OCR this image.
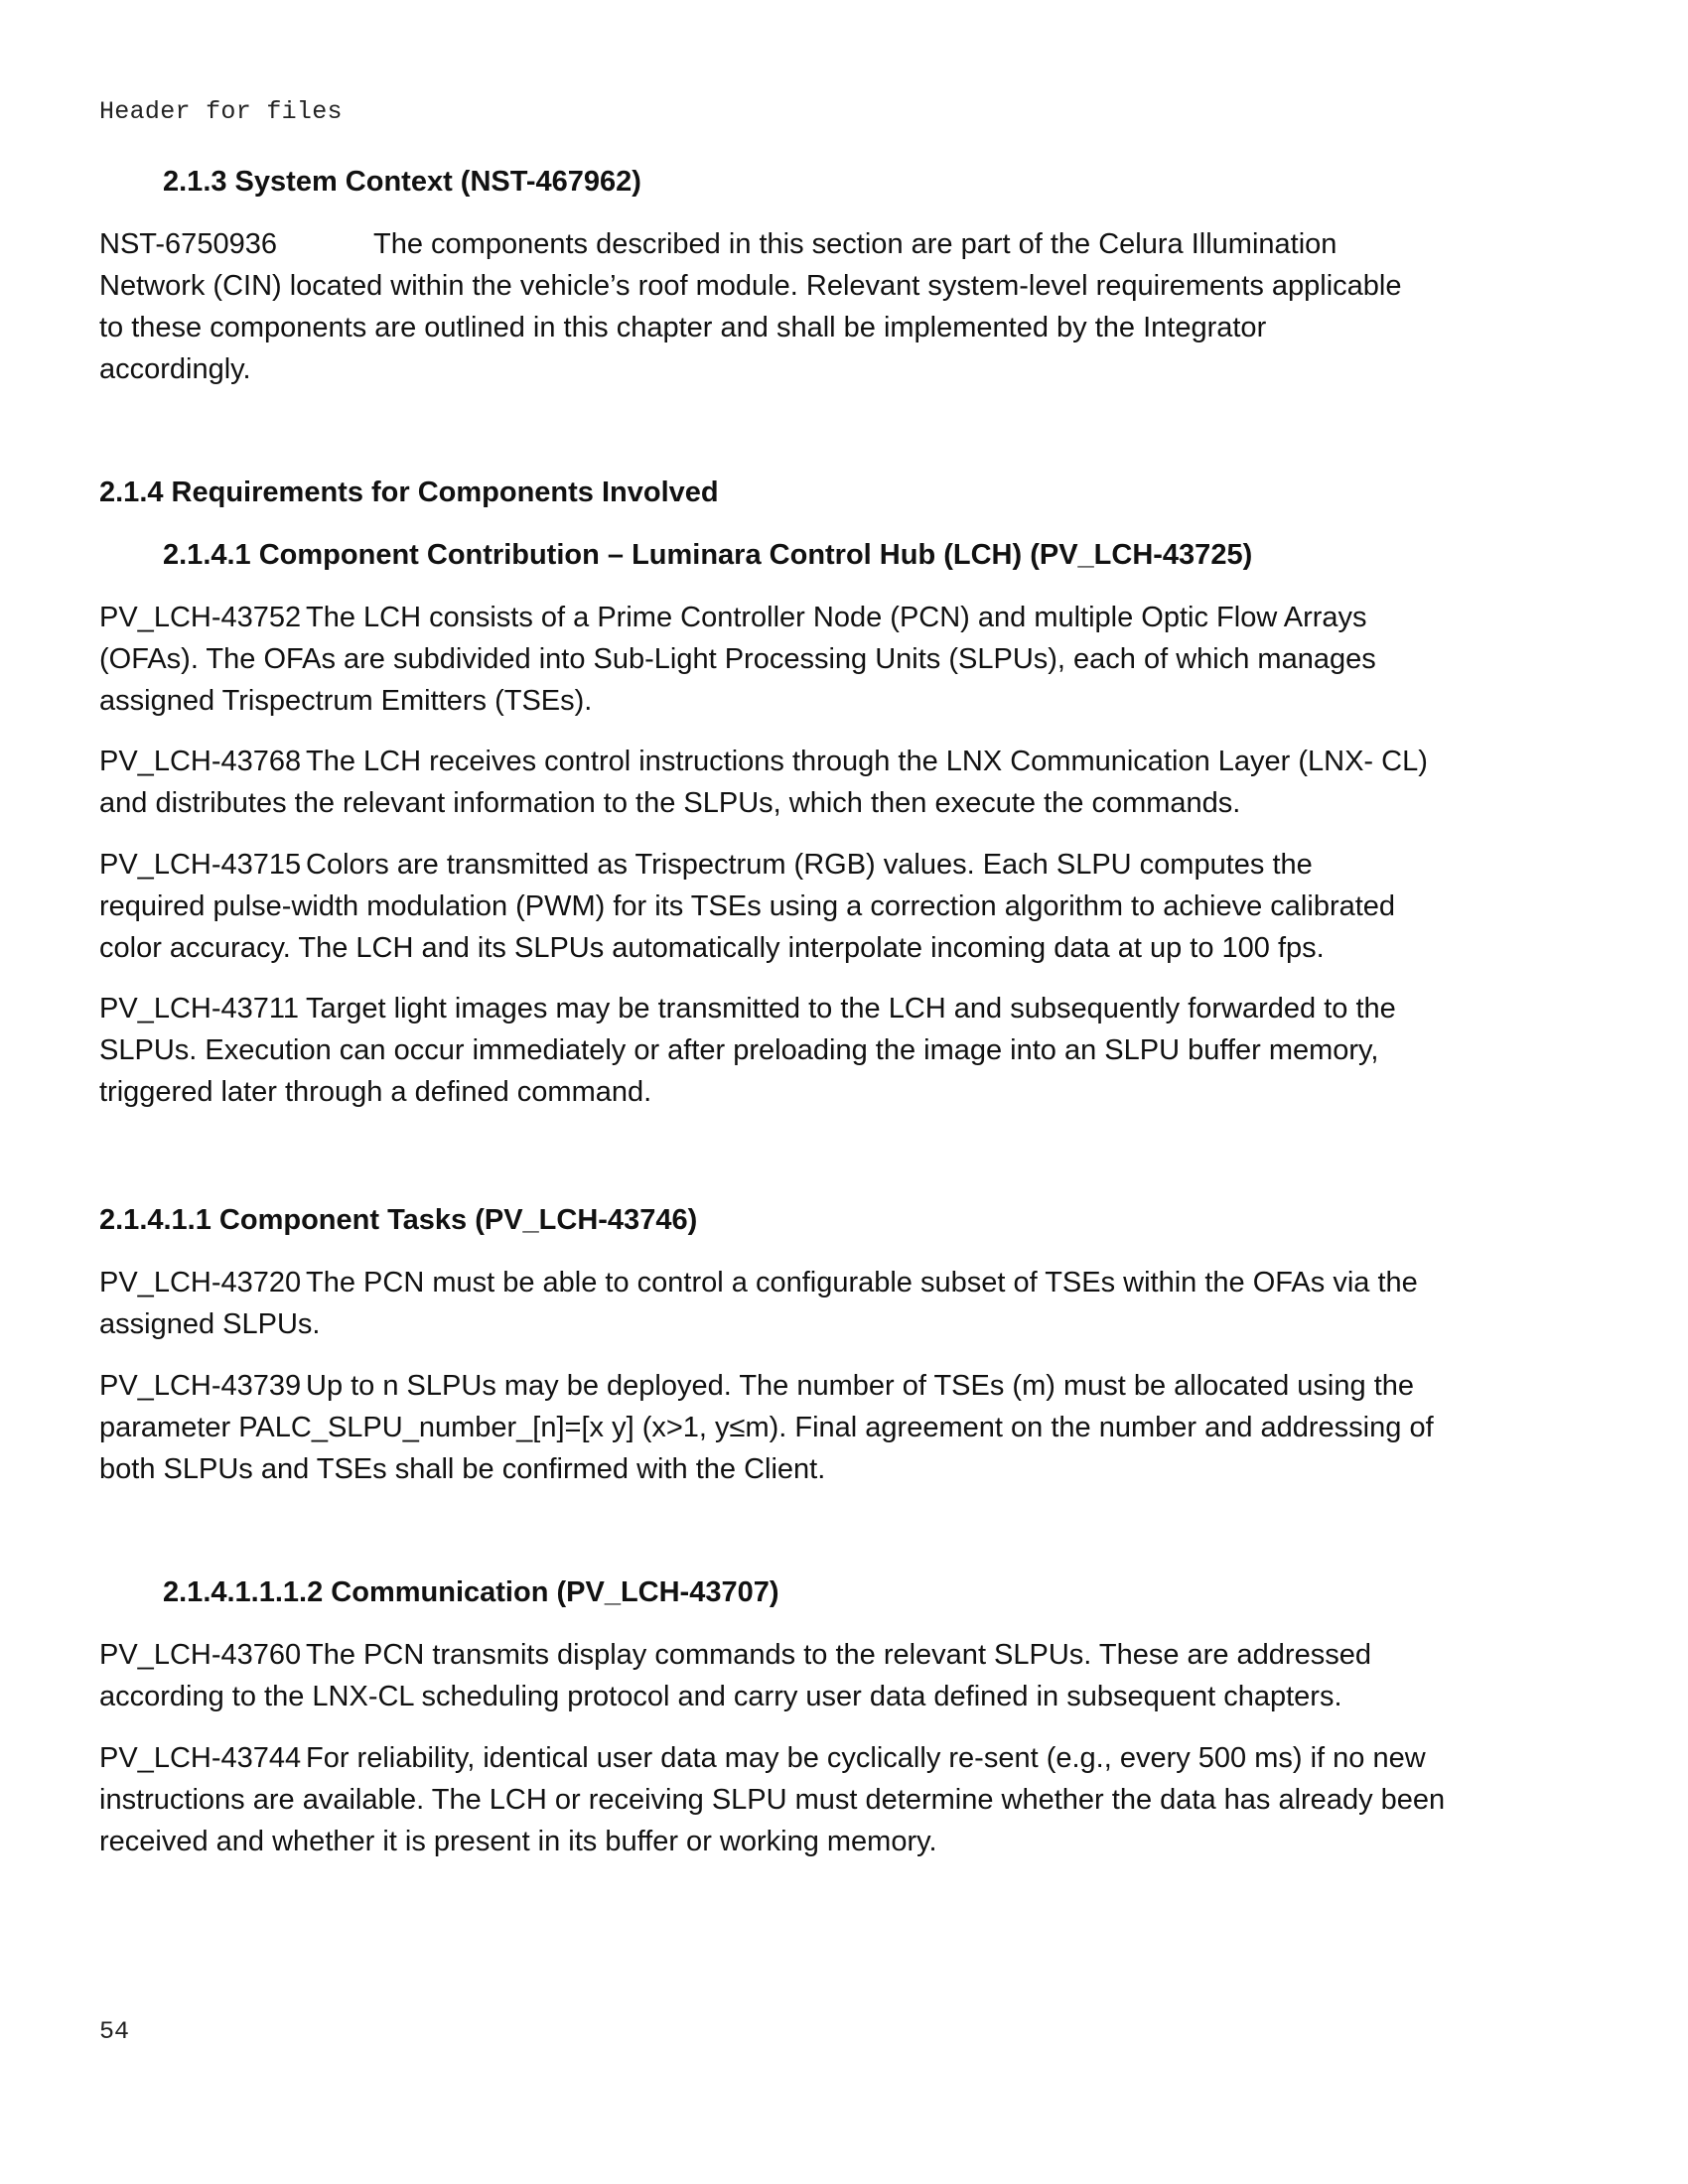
Header for files
2.1.3 System Context (NST-467962)
NST-6750936	The components described in this section are part of the Celura Illumination
Network (CIN) located within the vehicle’s roof module. Relevant system-level requirements applicable
to these components are outlined in this chapter and shall be implemented by the Integrator
accordingly.
2.1.4 Requirements for Components Involved
2.1.4.1 Component Contribution – Luminara Control Hub (LCH) (PV_LCH-43725)
PV_LCH-43752 The LCH consists of a Prime Controller Node (PCN) and multiple Optic Flow Arrays
(OFAs). The OFAs are subdivided into Sub-Light Processing Units (SLPUs), each of which manages
assigned Trispectrum Emitters (TSEs).
PV_LCH-43768 The LCH receives control instructions through the LNX Communication Layer (LNX- CL)
and distributes the relevant information to the SLPUs, which then execute the commands.
PV_LCH-43715 Colors are transmitted as Trispectrum (RGB) values. Each SLPU computes the
required pulse-width modulation (PWM) for its TSEs using a correction algorithm to achieve calibrated
color accuracy. The LCH and its SLPUs automatically interpolate incoming data at up to 100 fps.
PV_LCH-43711 Target light images may be transmitted to the LCH and subsequently forwarded to the
SLPUs. Execution can occur immediately or after preloading the image into an SLPU buffer memory,
triggered later through a defined command.
2.1.4.1.1 Component Tasks (PV_LCH-43746)
PV_LCH-43720 The PCN must be able to control a configurable subset of TSEs within the OFAs via the
assigned SLPUs.
PV_LCH-43739 Up to n SLPUs may be deployed. The number of TSEs (m) must be allocated using the
parameter PALC_SLPU_number_[n]=[x y] (x>1, y≤m). Final agreement on the number and addressing of
both SLPUs and TSEs shall be confirmed with the Client.
2.1.4.1.1.1.2 Communication (PV_LCH-43707)
PV_LCH-43760 The PCN transmits display commands to the relevant SLPUs. These are addressed
according to the LNX-CL scheduling protocol and carry user data defined in subsequent chapters.
PV_LCH-43744 For reliability, identical user data may be cyclically re-sent (e.g., every 500 ms) if no new
instructions are available. The LCH or receiving SLPU must determine whether the data has already been
received and whether it is present in its buffer or working memory.
54
